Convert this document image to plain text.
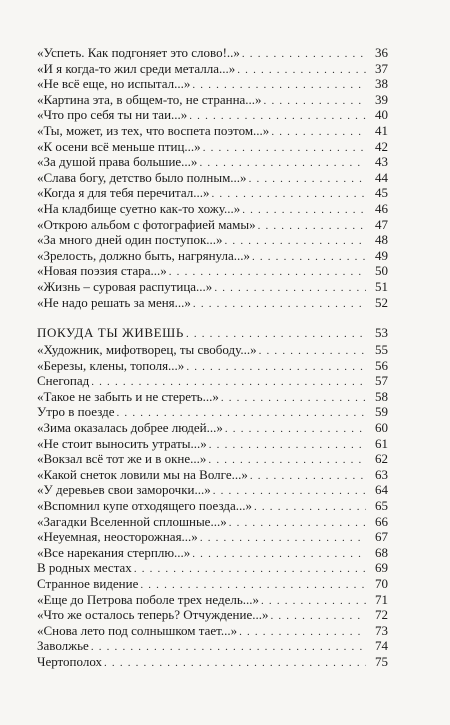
«Успеть. Как подгоняет это слово!..» . . .	36
«И я когда-то жил среди металла...» . . .	37
«Не всё еще, но испытал...» . . .	38
«Картина эта, в общем-то, не странна...» . . .	39
«Что про себя ты ни таи...» . . .	40
«Ты, может, из тех, что воспета поэтом...» . . .	41
«К осени всё меньше птиц...» . . .	42
«За душой права большие...» . . .	43
«Слава богу, детство было полным...» . . .	44
«Когда я для тебя перечитал...» . . .	45
«На кладбище суетно как-то хожу...» . . .	46
«Открою альбом с фотографией мамы» . . .	47
«За много дней один поступок...» . . .	48
«Зрелость, должно быть, нагрянула...» . . .	49
«Новая поэзия стара...» . . .	50
«Жизнь – суровая распутица...» . . .	51
«Не надо решать за меня...» . . .	52
ПОКУДА ТЫ ЖИВЕШЬ . . .	53
«Художник, мифотворец, ты свободу...» . . .	55
«Березы, клены, тополя...» . . .	56
Снегопад . . .	57
«Такое не забыть и не стереть...» . . .	58
Утро в поезде . . .	59
«Зима оказалась добрее людей...» . . .	60
«Не стоит выносить утраты...» . . .	61
«Вокзал всё тот же и в окне...» . . .	62
«Какой снеток ловили мы на Волге...» . . .	63
«У деревьев свои заморочки...» . . .	64
«Вспомнил купе отходящего поезда...» . . .	65
«Загадки Вселенной сплошные...» . . .	66
«Неуемная, неосторожная...» . . .	67
«Все нарекания стерплю...» . . .	68
В родных местах . . .	69
Странное видение . . .	70
«Еще до Петрова поболе трех недель...» . . .	71
«Что же осталось теперь? Отчуждение...» . . .	72
«Снова лето под солнышком тает...» . . .	73
Заволжье . . .	74
Чертополох . . .	75
